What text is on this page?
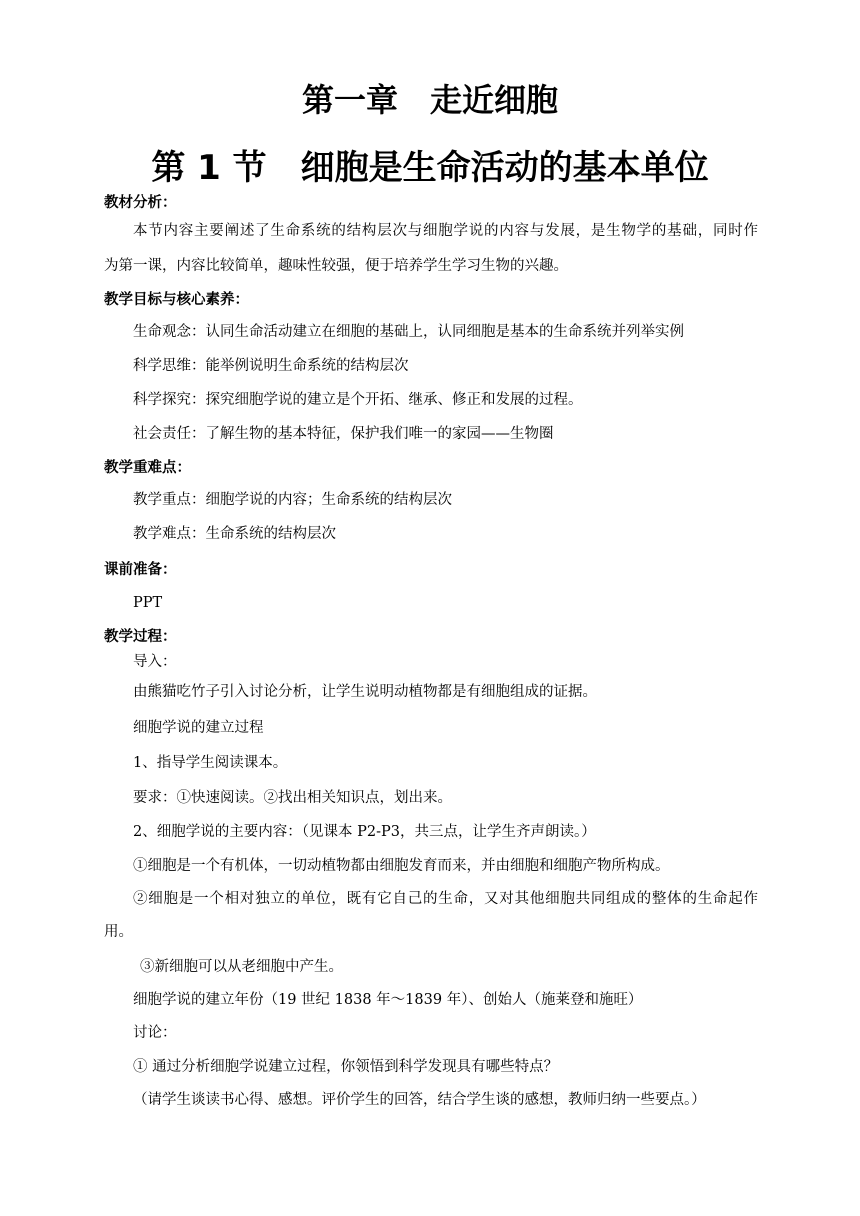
第一章　走近细胞
第 1 节　细胞是生命活动的基本单位
教材分析：
本节内容主要阐述了生命系统的结构层次与细胞学说的内容与发展，是生物学的基础，同时作
为第一课，内容比较简单，趣味性较强，便于培养学生学习生物的兴趣。
教学目标与核心素养：
生命观念：认同生命活动建立在细胞的基础上，认同细胞是基本的生命系统并列举实例
科学思维：能举例说明生命系统的结构层次
科学探究：探究细胞学说的建立是个开拓、继承、修正和发展的过程。
社会责任：了解生物的基本特征，保护我们唯一的家园——生物圈
教学重难点：
教学重点：细胞学说的内容；生命系统的结构层次
教学难点：生命系统的结构层次
课前准备：
PPT
教学过程：
导入：
由熊猫吃竹子引入讨论分析，让学生说明动植物都是有细胞组成的证据。
细胞学说的建立过程
1、指导学生阅读课本。
要求：①快速阅读。②找出相关知识点，划出来。
2、细胞学说的主要内容：（见课本 P2-P3，共三点，让学生齐声朗读。）
①细胞是一个有机体，一切动植物都由细胞发育而来，并由细胞和细胞产物所构成。
②细胞是一个相对独立的单位，既有它自己的生命，又对其他细胞共同组成的整体的生命起作
用。
③新细胞可以从老细胞中产生。
细胞学说的建立年份（19 世纪 1838 年～1839 年）、创始人（施莱登和施旺）
讨论：
① 通过分析细胞学说建立过程，你领悟到科学发现具有哪些特点？
（请学生谈读书心得、感想。评价学生的回答，结合学生谈的感想，教师归纳一些要点。）
